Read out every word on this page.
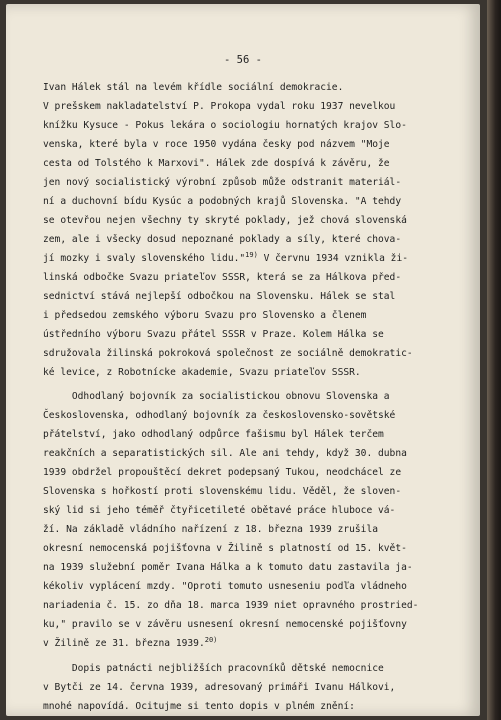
- 56 -
Ivan Hálek stál na levém křídle sociální demokracie.
V prešskem nakladatelství P. Prokopa vydal roku 1937 nevelkou
knížku Kysuce - Pokus lekára o sociologiu hornatých krajov Slo-
venska, které byla v roce 1950 vydána česky pod názvem "Moje
cesta od Tolstého k Marxovi". Hálek zde dospívá k závěru, že
jen nový socialistický výrobní způsob může odstranit materiál-
ní a duchovní bídu Kysúc a podobných krajů Slovenska. "A tehdy
se otevřou nejen všechny ty skryté poklady, jež chová slovenská
zem, ale i všecky dosud nepoznané poklady a síly, které chova-
jí mozky i svaly slovenského lidu."$^{19)}$ V červnu 1934 vznikla ži-
linská odbočke Svazu priateľov SSSR, která se za Hálkova před-
sednictví stává nejlepší odbočkou na Slovensku. Hálek se stal
i předsedou zemského výboru Svazu pro Slovensko a členem
ústředního výboru Svazu přátel SSSR v Praze. Kolem Hálka se
sdružovala žilinská pokroková společnost ze sociálně demokratic-
ké levice, z Robotnícke akademie, Svazu priateľov SSSR.
Odhodlaný bojovník za socialistickou obnovu Slovenska a
Československa, odhodlaný bojovník za československo-sovětské
přátelství, jako odhodlaný odpůrce fašismu byl Hálek terčem
reakčních a separatistických sil. Ale ani tehdy, když 30. dubna
1939 obdržel propouštěcí dekret podepsaný Tukou, neodchácel ze
Slovenska s hořkostí proti slovenskému lidu. Věděl, že sloven-
ský lid si jeho téměř čtyřicetileté obětavé práce hluboce vá-
ží. Na základě vládního nařízení z 18. března 1939 zrušila
okresní nemocenská pojišťovna v Žilině s platností od 15. květ-
na 1939 služební poměr Ivana Hálka a k tomuto datu zastavila ja-
kékoliv vyplácení mzdy. "Oproti tomuto usneseniu podľa vládneho
nariadenia č. 15. zo dňa 18. marca 1939 niet opravného prostried-
ku," pravilo se v závěru usnesení okresní nemocenské pojišťovny
v Žilině ze 31. března 1939.$^{20)}$
Dopis patnácti nejbližších pracovníků dětské nemocnice
v Bytči ze 14. června 1939, adresovaný primáři Ivanu Hálkovi,
mnohé napovídá. Ocitujme si tento dopis v plném znění:
